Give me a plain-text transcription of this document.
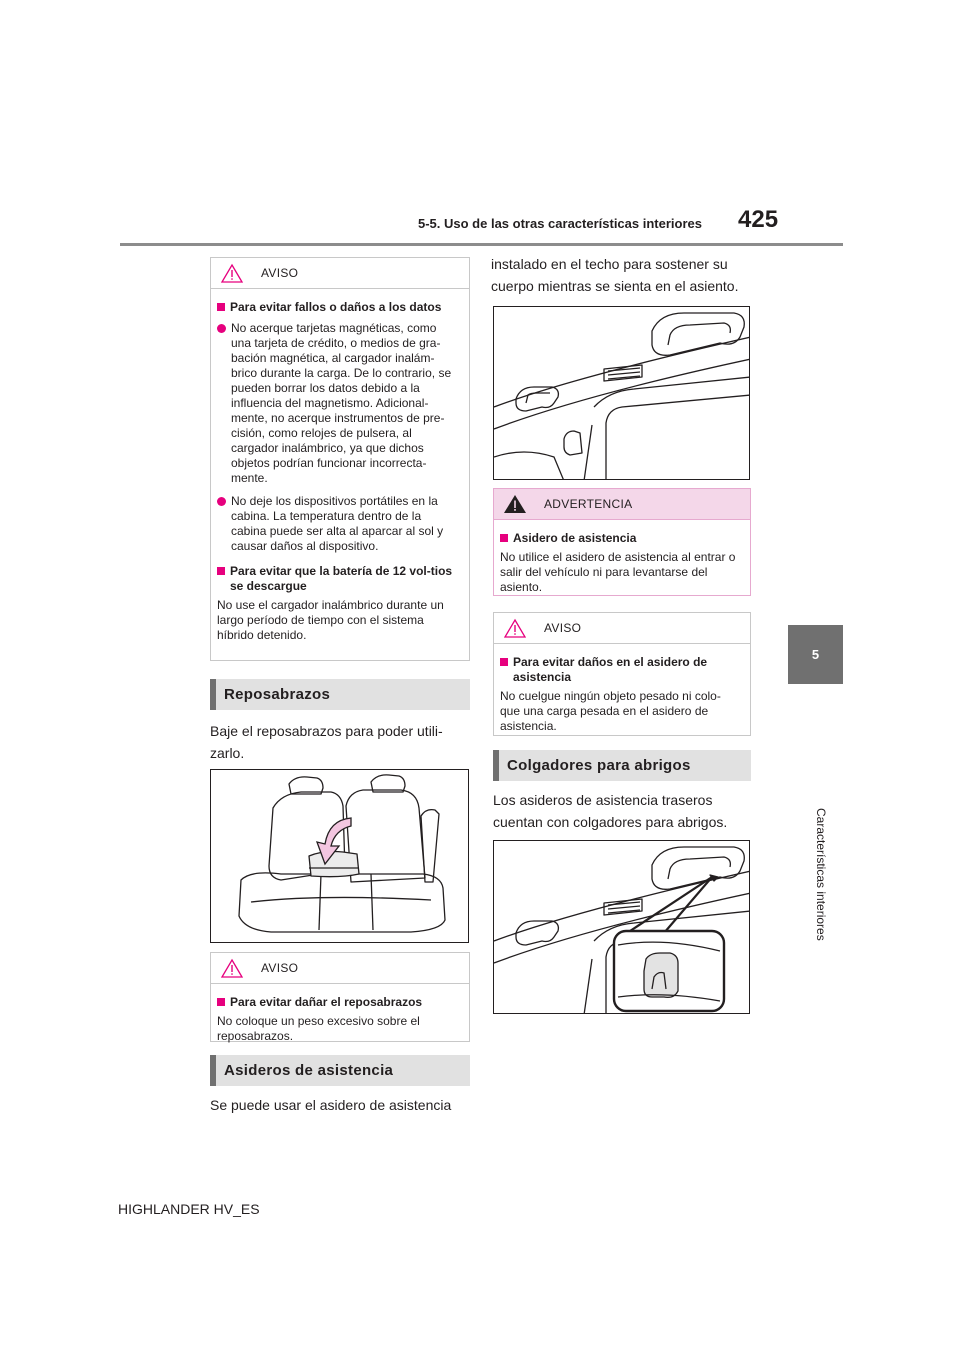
5-5. Uso de las otras características interiores 425
5
Características interiores
AVISO
Para evitar fallos o daños a los datos
No acerque tarjetas magnéticas, como una tarjeta de crédito, o medios de gra-bación magnética, al cargador inalám-brico durante la carga. De lo contrario, se pueden borrar los datos debido a la influencia del magnetismo. Adicional-mente, no acerque instrumentos de pre-cisión, como relojes de pulsera, al cargador inalámbrico, ya que dichos objetos podrían funcionar incorrecta-mente.
No deje los dispositivos portátiles en la cabina. La temperatura dentro de la cabina puede ser alta al aparcar al sol y causar daños al dispositivo.
Para evitar que la batería de 12 vol-tios se descargue
No use el cargador inalámbrico durante un largo período de tiempo con el sistema híbrido detenido.
Reposabrazos
Baje el reposabrazos para poder utili-zarlo.
AVISO
Para evitar dañar el reposabrazos
No coloque un peso excesivo sobre el reposabrazos.
Asideros de asistencia
Se puede usar el asidero de asistencia
instalado en el techo para sostener su cuerpo mientras se sienta en el asiento.
ADVERTENCIA
Asidero de asistencia
No utilice el asidero de asistencia al entrar o salir del vehículo ni para levantarse del asiento.
AVISO
Para evitar daños en el asidero de asistencia
No cuelgue ningún objeto pesado ni colo-que una carga pesada en el asidero de asistencia.
Colgadores para abrigos
Los asideros de asistencia traseros cuentan con colgadores para abrigos.
HIGHLANDER HV_ES
